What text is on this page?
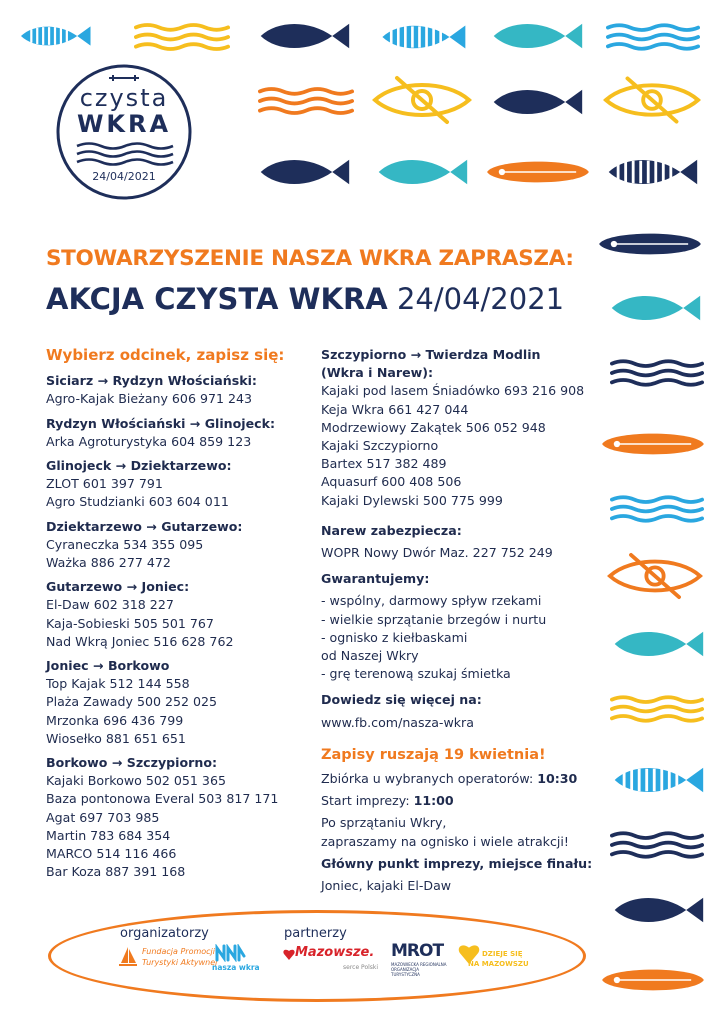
czysta
WKRA
24/04/2021
STOWARZYSZENIE NASZA WKRA ZAPRASZA:
AKCJA CZYSTA WKRA 24/04/2021
Wybierz odcinek, zapisz się:
Siciarz → Rydzyn Włościański:
Agro-Kajak Bieżany 606 971 243
Rydzyn Włościański → Glinojeck:
Arka Agroturystyka 604 859 123
Glinojeck → Dziektarzewo:
ZLOT 601 397 791
Agro Studzianki 603 604 011
Dziektarzewo → Gutarzewo:
Cyraneczka 534 355 095
Ważka 886 277 472
Gutarzewo → Joniec:
El-Daw 602 318 227
Kaja-Sobieski 505 501 767
Nad Wkrą Joniec 516 628 762
Joniec → Borkowo
Top Kajak 512 144 558
Plaża Zawady 500 252 025
Mrzonka 696 436 799
Wiosełko 881 651 651
Borkowo → Szczypiorno:
Kajaki Borkowo 502 051 365
Baza pontonowa Everal 503 817 171
Agat 697 703 985
Martin 783 684 354
MARCO 514 116 466
Bar Koza 887 391 168
Szczypiorno → Twierdza Modlin
(Wkra i Narew):
Kajaki pod lasem Śniadówko 693 216 908
Keja Wkra 661 427 044
Modrzewiowy Zakątek 506 052 948
Kajaki Szczypiorno
Bartex 517 382 489
Aquasurf 600 408 506
Kajaki Dylewski 500 775 999
Narew zabezpiecza:
WOPR Nowy Dwór Maz. 227 752 249
Gwarantujemy:
- wspólny, darmowy spływ rzekami
- wielkie sprzątanie brzegów i nurtu
- ognisko z kiełbaskami
od Naszej Wkry
- grę terenową szukaj śmietka
Dowiedz się więcej na:
www.fb.com/nasza-wkra
Zapisy ruszają 19 kwietnia!
Zbiórka u wybranych operatorów: 10:30
Start imprezy: 11:00
Po sprzątaniu Wkry,
zapraszamy na ognisko i wiele atrakcji!
Główny punkt imprezy, miejsce finału:
Joniec, kajaki El-Daw
organizatorzy	partnerzy
Fundacja Promocji
Turystyki Aktywnej
nasza wkra
Mazowsze.
serce Polski
MROT
MAZOWIECKA REGIONALNA ORGANIZACJA TURYSTYCZNA
DZIEJE SIĘ
NA MAZOWSZU
